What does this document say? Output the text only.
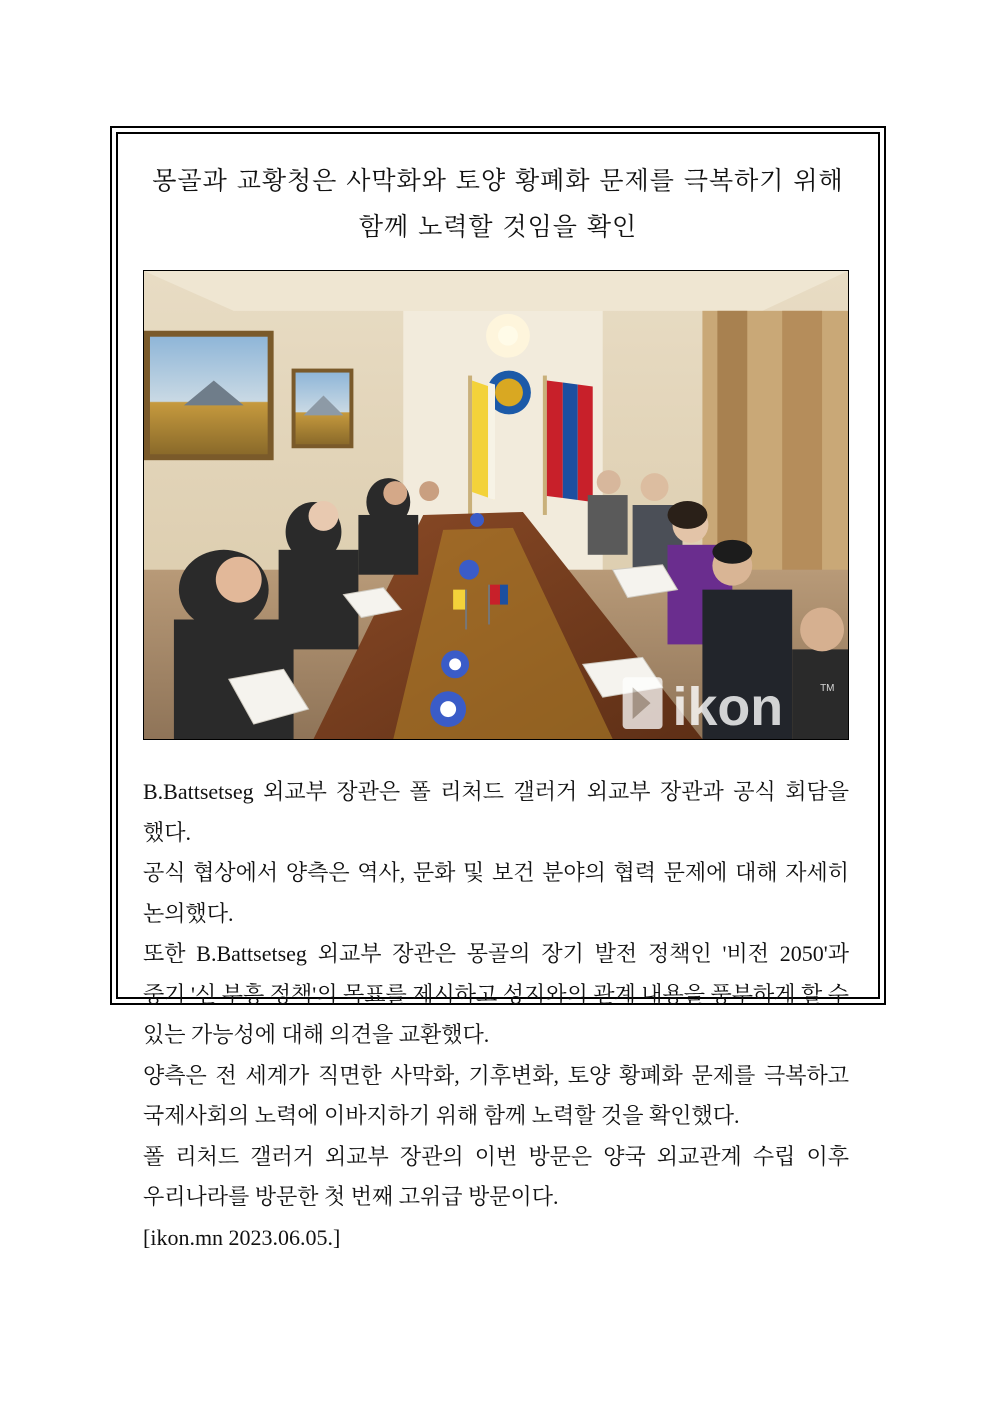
몽골과 교황청은 사막화와 토양 황폐화 문제를 극복하기 위해
함께 노력할 것임을 확인
ikon	TM

B.Battsetseg 외교부 장관은 폴 리처드 갤러거 외교부 장관과 공식 회담을 했다.

공식 협상에서 양측은 역사, 문화 및 보건 분야의 협력 문제에 대해 자세히 논의했다.

또한 B.Battsetseg 외교부 장관은 몽골의 장기 발전 정책인 '비전 2050'과 중기 '신 부흥 정책'의 목표를 제시하고 성지와의 관계 내용을 풍부하게 할 수 있는 가능성에 대해 의견을 교환했다.

양측은 전 세계가 직면한 사막화, 기후변화, 토양 황폐화 문제를 극복하고 국제사회의 노력에 이바지하기 위해 함께 노력할 것을 확인했다.

폴 리처드 갤러거 외교부 장관의 이번 방문은 양국 외교관계 수립 이후 우리나라를 방문한 첫 번째 고위급 방문이다.

[ikon.mn 2023.06.05.]
